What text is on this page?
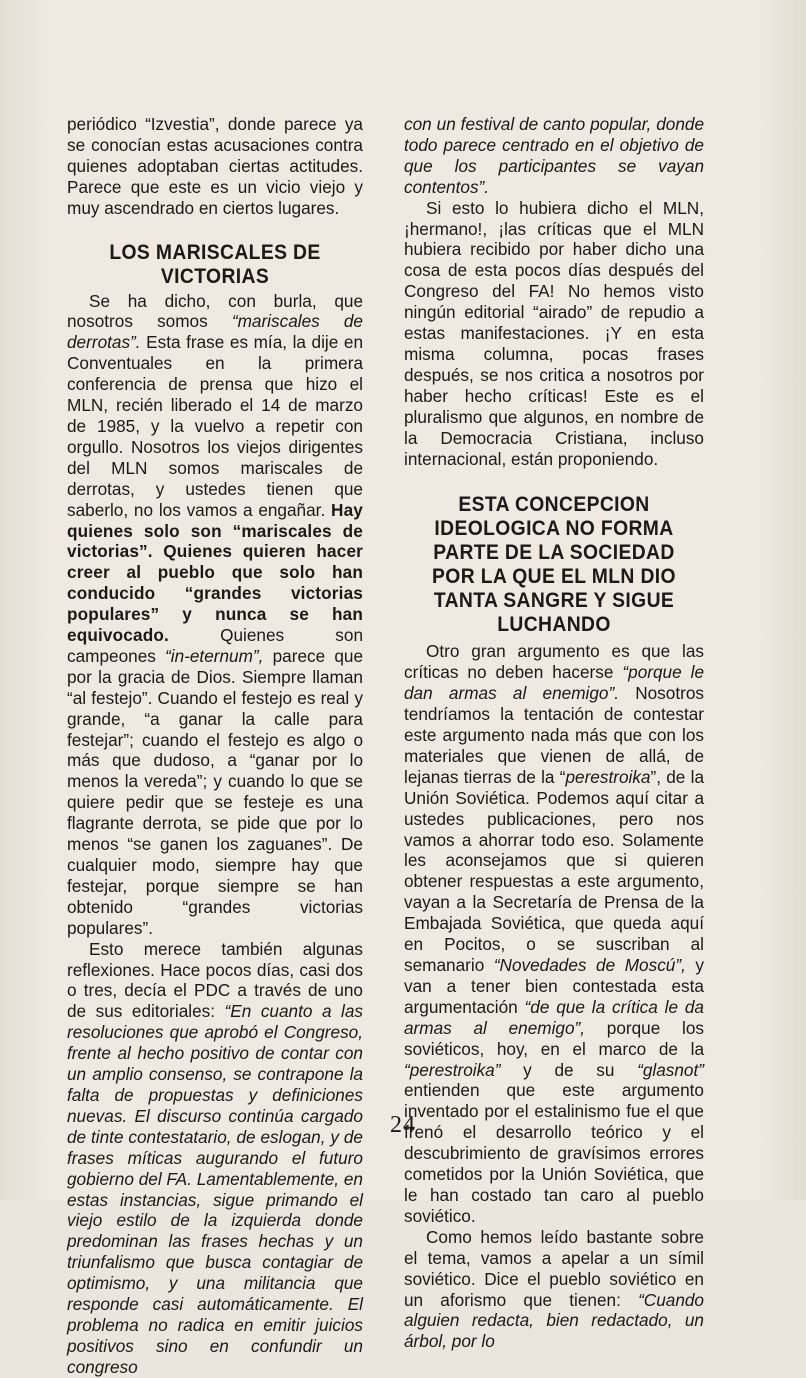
periódico “Izvestia”, donde parece ya se conocían estas acusaciones contra quienes adoptaban ciertas actitudes. Parece que este es un vicio viejo y muy ascendrado en ciertos lugares.

LOS MARISCALES DE VICTORIAS

Se ha dicho, con burla, que nosotros somos “mariscales de derrotas”. Esta frase es mía, la dije en Conventuales en la primera conferencia de prensa que hizo el MLN, recién liberado el 14 de marzo de 1985, y la vuelvo a repetir con orgullo. Nosotros los viejos dirigentes del MLN somos mariscales de derrotas, y ustedes tienen que saberlo, no los vamos a engañar. Hay quienes solo son “mariscales de victorias”. Quienes quieren hacer creer al pueblo que solo han conducido “grandes victorias populares” y nunca se han equivocado. Quienes son campeones “in-eternum”, parece que por la gracia de Dios. Siempre llaman “al festejo”. Cuando el festejo es real y grande, “a ganar la calle para festejar”; cuando el festejo es algo o más que dudoso, a “ganar por lo menos la vereda”; y cuando lo que se quiere pedir que se festeje es una flagrante derrota, se pide que por lo menos “se ganen los zaguanes”. De cualquier modo, siempre hay que festejar, porque siempre se han obtenido “grandes victorias populares”.

Esto merece también algunas reflexiones. Hace pocos días, casi dos o tres, decía el PDC a través de uno de sus editoriales: “En cuanto a las resoluciones que aprobó el Congreso, frente al hecho positivo de contar con un amplio consenso, se contrapone la falta de propuestas y definiciones nuevas. El discurso continúa cargado de tinte contestatario, de eslogan, y de frases míticas augurando el futuro gobierno del FA. Lamentablemente, en estas instancias, sigue primando el viejo estilo de la izquierda donde predominan las frases hechas y un triunfalismo que busca contagiar de optimismo, y una militancia que responde casi automáticamente. El problema no radica en emitir juicios positivos sino en confundir un congreso

con un festival de canto popular, donde todo parece centrado en el objetivo de que los participantes se vayan contentos”.

Si esto lo hubiera dicho el MLN, ¡hermano!, ¡las críticas que el MLN hubiera recibido por haber dicho una cosa de esta pocos días después del Congreso del FA! No hemos visto ningún editorial “airado” de repudio a estas manifestaciones. ¡Y en esta misma columna, pocas frases después, se nos critica a nosotros por haber hecho críticas! Este es el pluralismo que algunos, en nombre de la Democracia Cristiana, incluso internacional, están proponiendo.

ESTA CONCEPCION IDEOLOGICA NO FORMA PARTE DE LA SOCIEDAD POR LA QUE EL MLN DIO TANTA SANGRE Y SIGUE LUCHANDO

Otro gran argumento es que las críticas no deben hacerse “porque le dan armas al enemigo”. Nosotros tendríamos la tentación de contestar este argumento nada más que con los materiales que vienen de allá, de lejanas tierras de la “perestroika”, de la Unión Soviética. Podemos aquí citar a ustedes publicaciones, pero nos vamos a ahorrar todo eso. Solamente les aconsejamos que si quieren obtener respuestas a este argumento, vayan a la Secretaría de Prensa de la Embajada Soviética, que queda aquí en Pocitos, o se suscriban al semanario “Novedades de Moscú”, y van a tener bien contestada esta argumentación “de que la crítica le da armas al enemigo”, porque los soviéticos, hoy, en el marco de la “perestroika” y de su “glasnot” entienden que este argumento inventado por el estalinismo fue el que frenó el desarrollo teórico y el descubrimiento de gravísimos errores cometidos por la Unión Soviética, que le han costado tan caro al pueblo soviético.

Como hemos leído bastante sobre el tema, vamos a apelar a un símil soviético. Dice el pueblo soviético en un aforismo que tienen: “Cuando alguien redacta, bien redactado, un árbol, por lo

24
